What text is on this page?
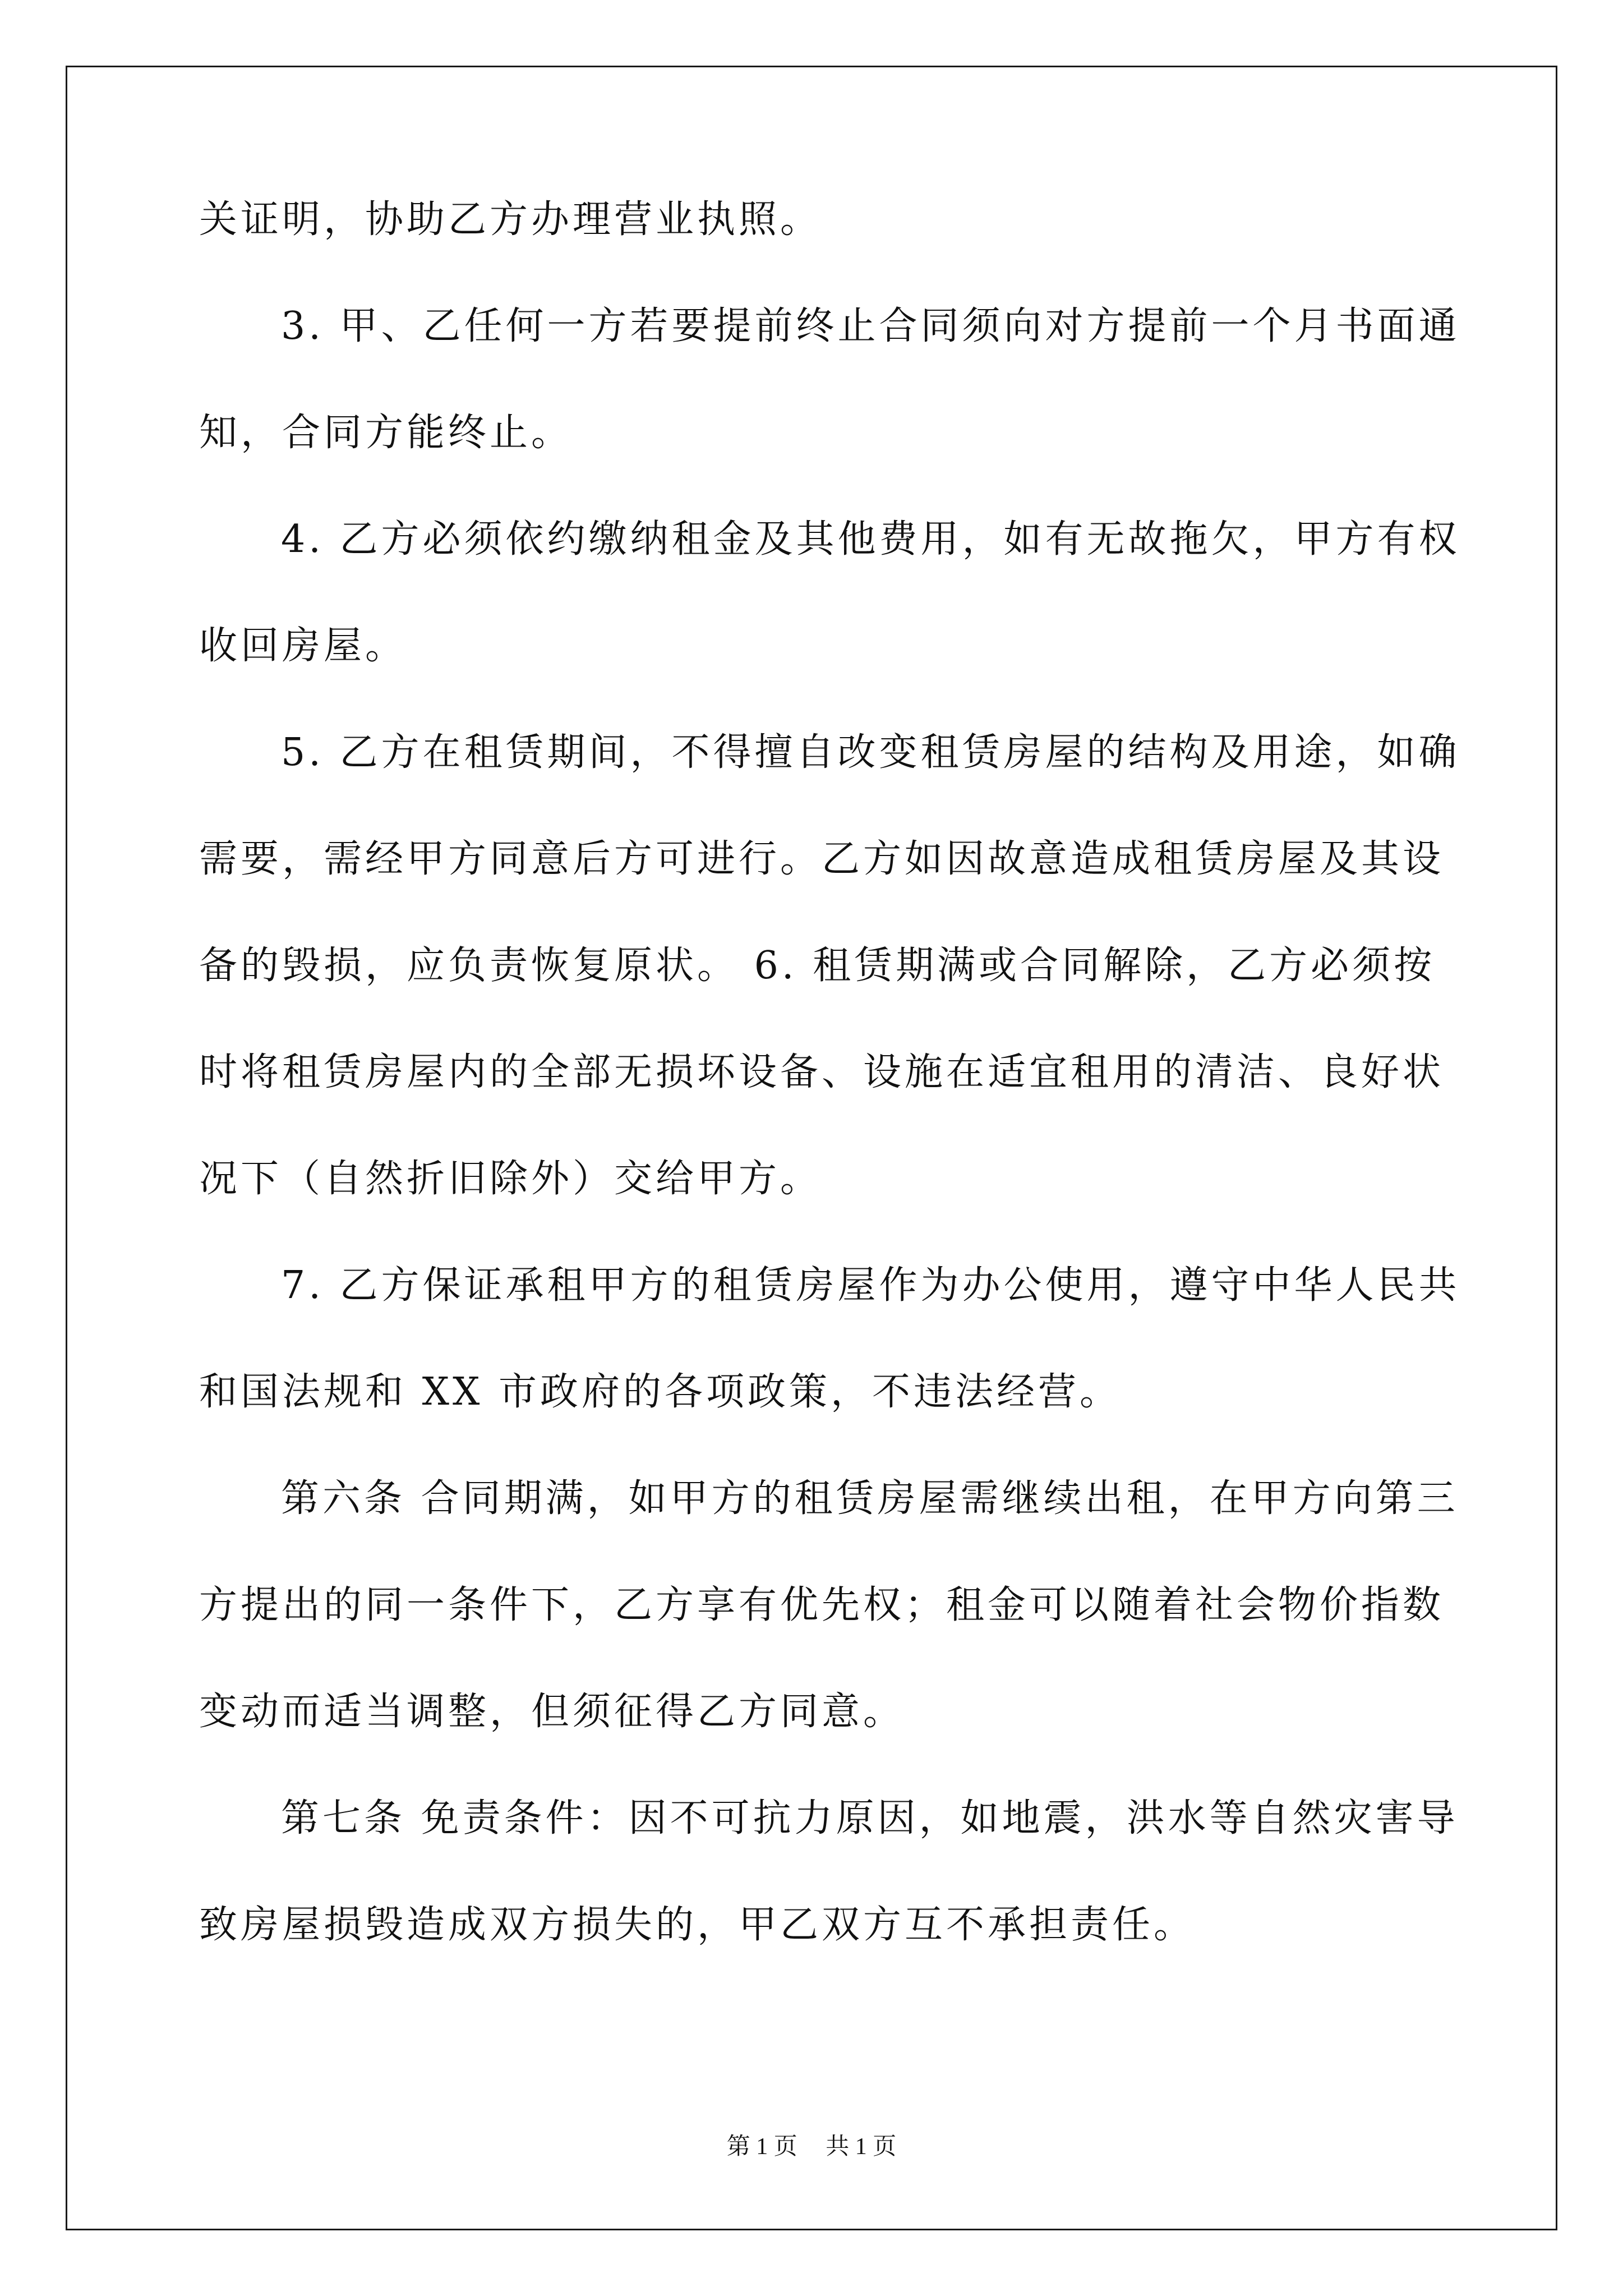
关证明，协助乙方办理营业执照。
3. 甲、乙任何一方若要提前终止合同须向对方提前一个月书面通
知，合同方能终止。
4. 乙方必须依约缴纳租金及其他费用，如有无故拖欠，甲方有权
收回房屋。
5. 乙方在租赁期间，不得擅自改变租赁房屋的结构及用途，如确
需要，需经甲方同意后方可进行。乙方如因故意造成租赁房屋及其设
备的毁损，应负责恢复原状。 6. 租赁期满或合同解除，乙方必须按
时将租赁房屋内的全部无损坏设备、设施在适宜租用的清洁、良好状
况下（自然折旧除外）交给甲方。
7. 乙方保证承租甲方的租赁房屋作为办公使用，遵守中华人民共
和国法规和 XX 市政府的各项政策，不违法经营。
第六条 合同期满，如甲方的租赁房屋需继续出租，在甲方向第三
方提出的同一条件下，乙方享有优先权；租金可以随着社会物价指数
变动而适当调整，但须征得乙方同意。
第七条 免责条件：因不可抗力原因，如地震，洪水等自然灾害导
致房屋损毁造成双方损失的，甲乙双方互不承担责任。
第 1 页 共 1 页
